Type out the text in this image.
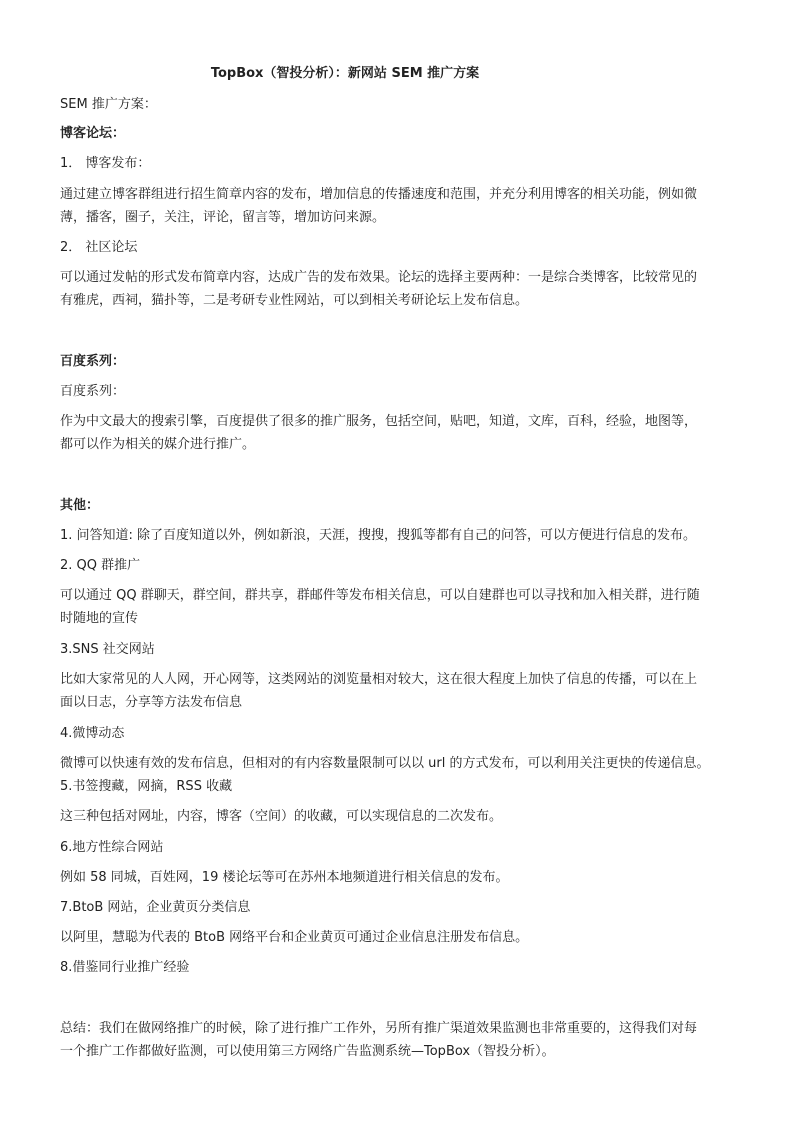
TopBox（智投分析）：新网站 SEM 推广方案
SEM 推广方案：
博客论坛：
1． 博客发布：
通过建立博客群组进行招生简章内容的发布，增加信息的传播速度和范围，并充分利用博客的相关功能，例如微
薄，播客，圈子，关注，评论，留言等，增加访问来源。
2． 社区论坛
可以通过发帖的形式发布简章内容，达成广告的发布效果。论坛的选择主要两种：一是综合类博客，比较常见的
有雅虎，西祠，猫扑等，二是考研专业性网站，可以到相关考研论坛上发布信息。
百度系列：
百度系列：
作为中文最大的搜索引擎，百度提供了很多的推广服务，包括空间，贴吧，知道，文库，百科，经验，地图等，
都可以作为相关的媒介进行推广。
其他：
1. 问答知道: 除了百度知道以外，例如新浪，天涯，搜搜，搜狐等都有自己的问答，可以方便进行信息的发布。
2. QQ 群推广
可以通过 QQ 群聊天，群空间，群共享，群邮件等发布相关信息，可以自建群也可以寻找和加入相关群，进行随
时随地的宣传
3.SNS 社交网站
比如大家常见的人人网，开心网等，这类网站的浏览量相对较大，这在很大程度上加快了信息的传播，可以在上
面以日志，分享等方法发布信息
4.微博动态
微博可以快速有效的发布信息，但相对的有内容数量限制可以以 url 的方式发布，可以利用关注更快的传递信息。
5.书签搜藏，网摘，RSS 收藏
这三种包括对网址，内容，博客（空间）的收藏，可以实现信息的二次发布。
6.地方性综合网站
例如 58 同城，百姓网，19 楼论坛等可在苏州本地频道进行相关信息的发布。
7.BtoB 网站，企业黄页分类信息
以阿里，慧聪为代表的 BtoB 网络平台和企业黄页可通过企业信息注册发布信息。
8.借鉴同行业推广经验
总结：我们在做网络推广的时候，除了进行推广工作外，另所有推广渠道效果监测也非常重要的，这得我们对每
一个推广工作都做好监测，可以使用第三方网络广告监测系统—TopBox（智投分析）。
